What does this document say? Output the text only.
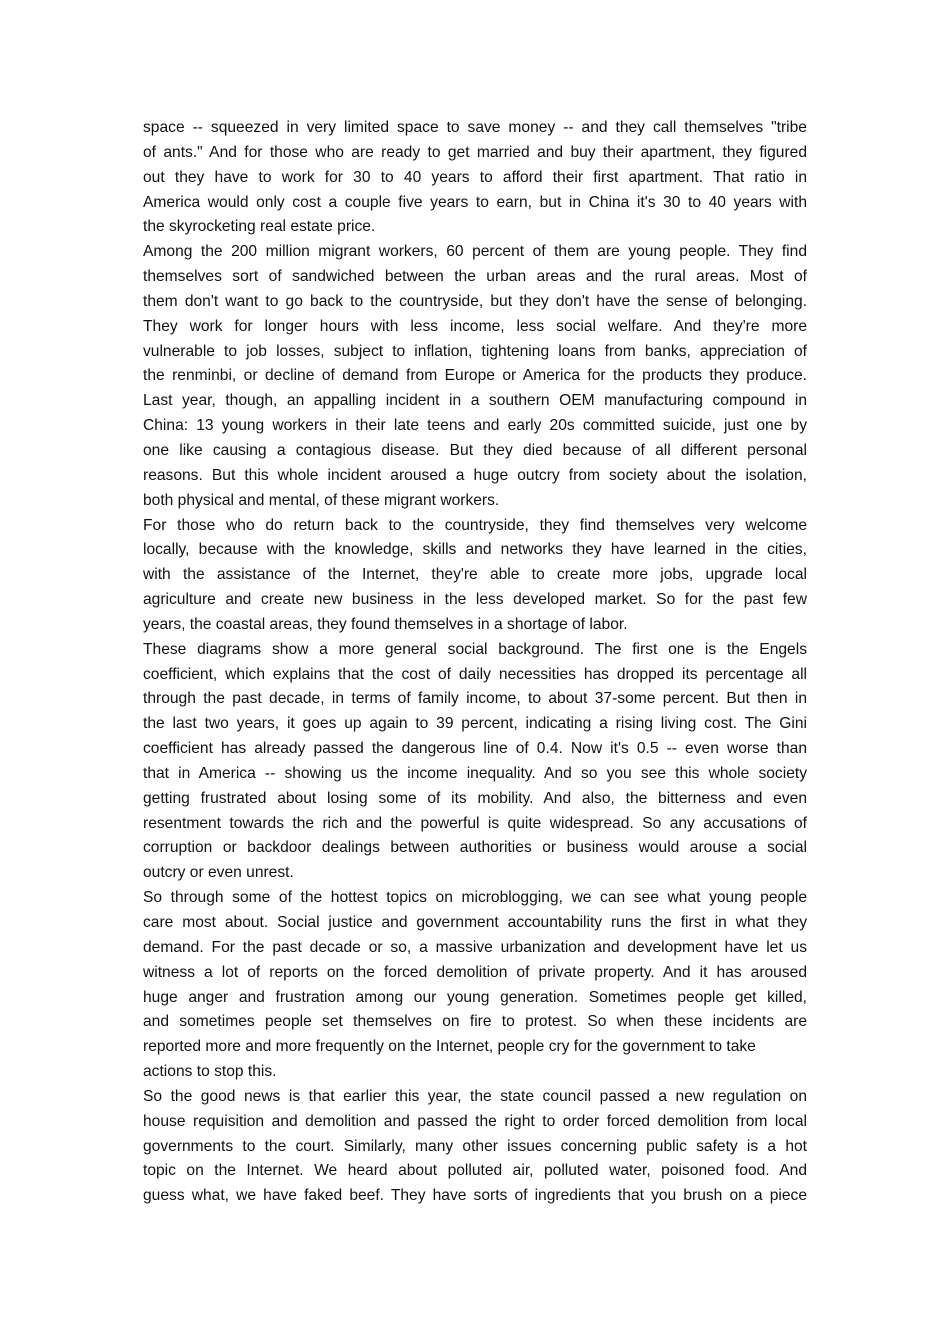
space -- squeezed in very limited space to save money -- and they call themselves "tribe
of ants." And for those who are ready to get married and buy their apartment, they figured
out they have to work for 30 to 40 years to afford their first apartment. That ratio in
America would only cost a couple five years to earn, but in China it's 30 to 40 years with
the skyrocketing real estate price.
Among the 200 million migrant workers, 60 percent of them are young people. They find
themselves sort of sandwiched between the urban areas and the rural areas. Most of
them don't want to go back to the countryside, but they don't have the sense of belonging.
They work for longer hours with less income, less social welfare. And they're more
vulnerable to job losses, subject to inflation, tightening loans from banks, appreciation of
the renminbi, or decline of demand from Europe or America for the products they produce.
Last year, though, an appalling incident in a southern OEM manufacturing compound in
China: 13 young workers in their late teens and early 20s committed suicide, just one by
one like causing a contagious disease. But they died because of all different personal
reasons. But this whole incident aroused a huge outcry from society about the isolation,
both physical and mental, of these migrant workers.
For those who do return back to the countryside, they find themselves very welcome
locally, because with the knowledge, skills and networks they have learned in the cities,
with the assistance of the Internet, they're able to create more jobs, upgrade local
agriculture and create new business in the less developed market. So for the past few
years, the coastal areas, they found themselves in a shortage of labor.
These diagrams show a more general social background. The first one is the Engels
coefficient, which explains that the cost of daily necessities has dropped its percentage all
through the past decade, in terms of family income, to about 37-some percent. But then in
the last two years, it goes up again to 39 percent, indicating a rising living cost. The Gini
coefficient has already passed the dangerous line of 0.4. Now it's 0.5 -- even worse than
that in America -- showing us the income inequality. And so you see this whole society
getting frustrated about losing some of its mobility. And also, the bitterness and even
resentment towards the rich and the powerful is quite widespread. So any accusations of
corruption or backdoor dealings between authorities or business would arouse a social
outcry or even unrest.
So through some of the hottest topics on microblogging, we can see what young people
care most about. Social justice and government accountability runs the first in what they
demand. For the past decade or so, a massive urbanization and development have let us
witness a lot of reports on the forced demolition of private property. And it has aroused
huge anger and frustration among our young generation. Sometimes people get killed,
and sometimes people set themselves on fire to protest. So when these incidents are
reported more and more frequently on the Internet, people cry for the government to take
actions to stop this.
So the good news is that earlier this year, the state council passed a new regulation on
house requisition and demolition and passed the right to order forced demolition from local
governments to the court. Similarly, many other issues concerning public safety is a hot
topic on the Internet. We heard about polluted air, polluted water, poisoned food. And
guess what, we have faked beef. They have sorts of ingredients that you brush on a piece
